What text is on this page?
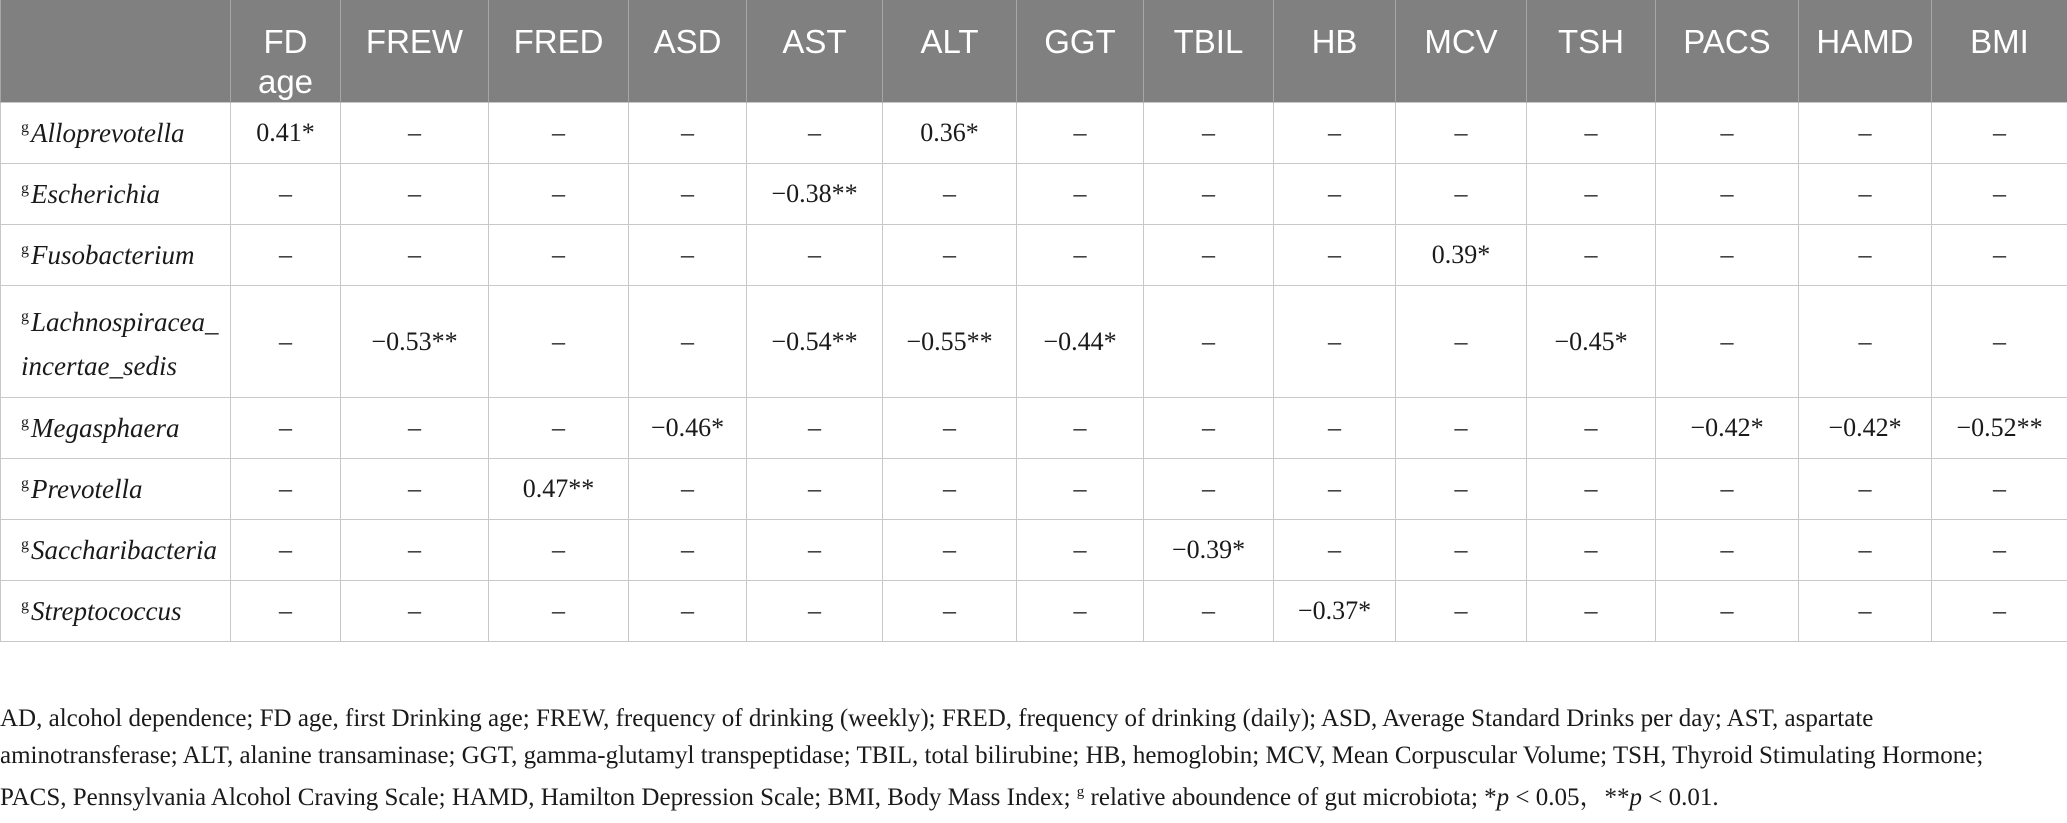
	FD age	FREW	FRED	ASD	AST	ALT	GGT	TBIL	HB	MCV	TSH	PACS	HAMD	BMI
$^g$Alloprevotella	0.41*	–	–	–	–	0.36*	–	–	–	–	–	–	–	–
$^g$Escherichia	–	–	–	–	−0.38**	–	–	–	–	–	–	–	–	–
$^g$Fusobacterium	–	–	–	–	–	–	–	–	–	0.39*	–	–	–	–

$^g$Lachnospiracea_
incertae_sedis	–	−0.53**	–	–	−0.54**	−0.55**	−0.44*	–	–	–	−0.45*	–	–	–
$^g$Megasphaera	–	–	–	−0.46*	–	–	–	–	–	–	–	−0.42*	−0.42*	−0.52**
$^g$Prevotella	–	–	0.47**	–	–	–	–	–	–	–	–	–	–	–
$^g$Saccharibacteria	–	–	–	–	–	–	–	−0.39*	–	–	–	–	–	–
$^g$Streptococcus	–	–	–	–	–	–	–	–	−0.37*	–	–	–	–	–
AD, alcohol dependence; FD age, first Drinking age; FREW, frequency of drinking (weekly); FRED, frequency of drinking (daily); ASD, Average Standard Drinks per day; AST, aspartate aminotransferase; ALT, alanine transaminase; GGT, gamma-glutamyl transpeptidase; TBIL, total bilirubine; HB, hemoglobin; MCV, Mean Corpuscular Volume; TSH, Thyroid Stimulating Hormone; PACS, Pennsylvania Alcohol Craving Scale; HAMD, Hamilton Depression Scale; BMI, Body Mass Index; $^g$ relative aboundence of gut microbiota; *p < 0.05，**p < 0.01.
